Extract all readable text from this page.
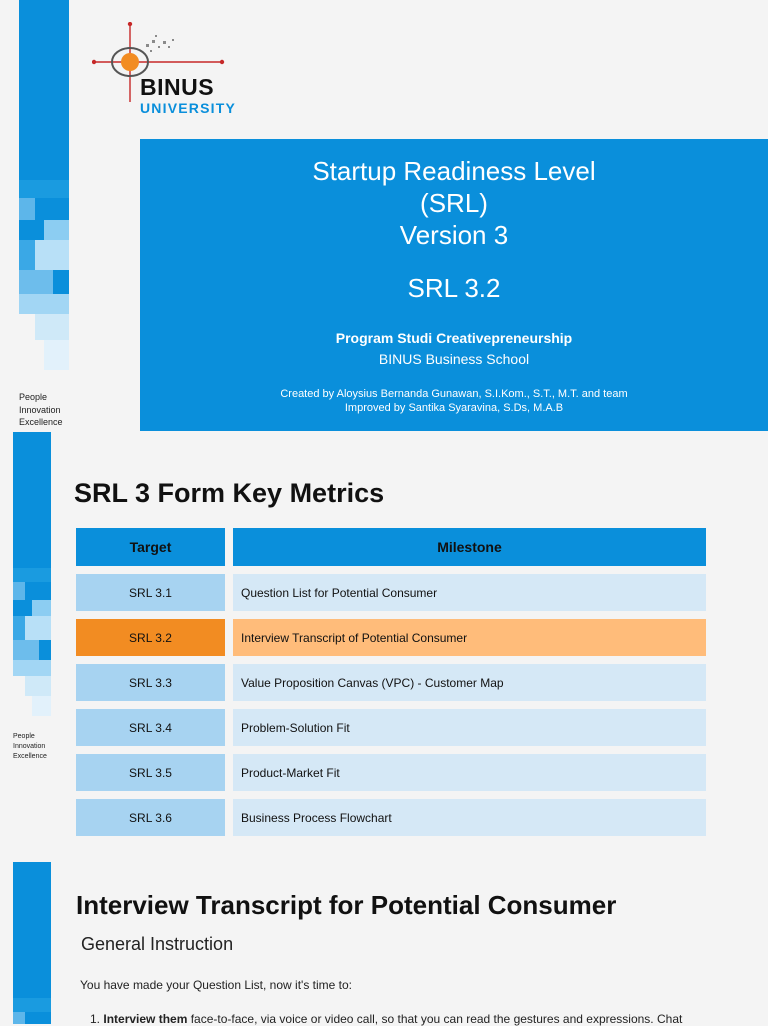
BINUS
UNIVERSITY
People
Innovation
Excellence
Startup Readiness Level
(SRL)
Version 3
SRL 3.2
Program Studi Creativepreneurship
BINUS Business School
Created by Aloysius Bernanda Gunawan, S.I.Kom., S.T., M.T. and team
Improved by Santika Syaravina, S.Ds, M.A.B
People
Innovation
Excellence
SRL 3 Form Key Metrics
Target	Milestone
SRL 3.1	Question List for Potential Consumer
SRL 3.2	Interview Transcript of Potential Consumer
SRL 3.3	Value Proposition Canvas (VPC) - Customer Map
SRL 3.4	Problem-Solution Fit
SRL 3.5	Product-Market Fit
SRL 3.6	Business Process Flowchart
Interview Transcript for Potential Consumer
General Instruction
You have made your Question List, now it's time to:
1. Interview them face-to-face, via voice or video call, so that you can read the gestures and expressions. Chat
